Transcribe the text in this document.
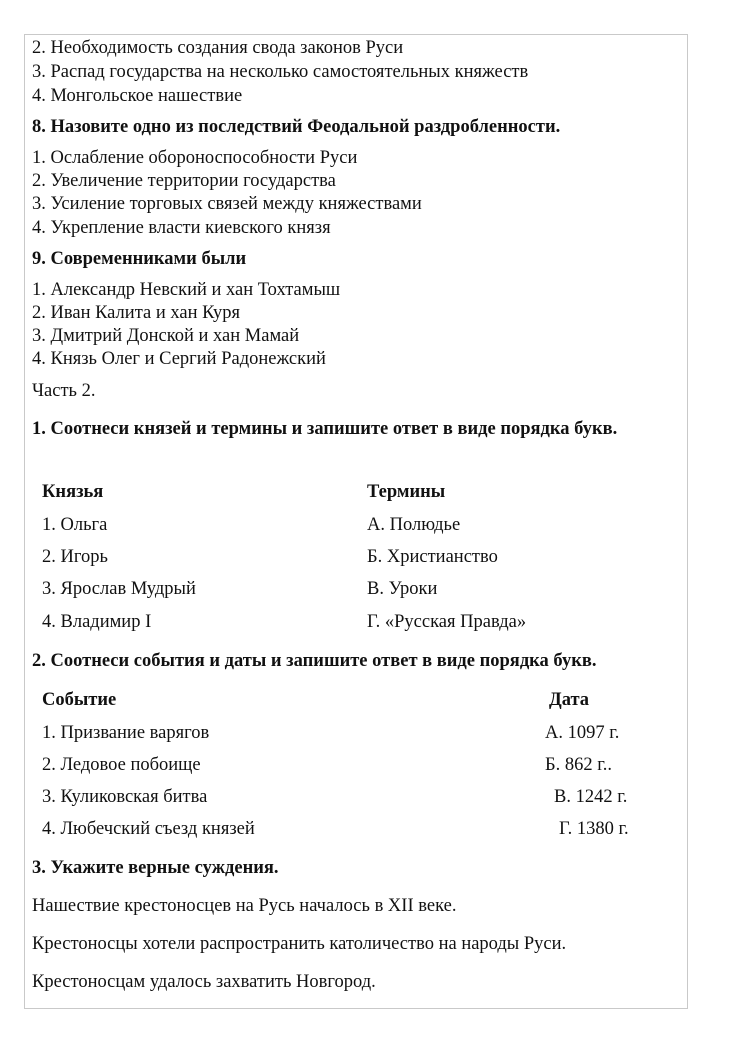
2. Необходимость создания свода законов Руси
3. Распад государства на несколько самостоятельных княжеств
4. Монгольское нашествие
8. Назовите одно из последствий Феодальной раздробленности.
1. Ослабление обороноспособности Руси
2. Увеличение территории государства
3. Усиление торговых связей между княжествами
4. Укрепление власти киевского князя
9. Современниками были
1. Александр Невский и хан Тохтамыш
2. Иван Калита и хан Куря
3. Дмитрий Донской и хан Мамай
4. Князь Олег и Сергий Радонежский
Часть 2.
1. Соотнеси князей и термины и запишите ответ в виде порядка букв.
Князья	Термины
1. Ольга	А. Полюдье
2. Игорь	Б. Христианство
3. Ярослав Мудрый	В. Уроки
4. Владимир I	Г. «Русская Правда»
2. Соотнеси события и даты и запишите ответ в виде порядка букв.
Событие	Дата
1. Призвание варягов	А. 1097 г.
2. Ледовое побоище	Б. 862 г..
3. Куликовская битва	В. 1242 г.
4. Любечский съезд князей	Г. 1380 г.
3. Укажите верные суждения.
Нашествие крестоносцев на Русь началось в XII веке.
Крестоносцы хотели распространить католичество на народы Руси.
Крестоносцам удалось захватить Новгород.
